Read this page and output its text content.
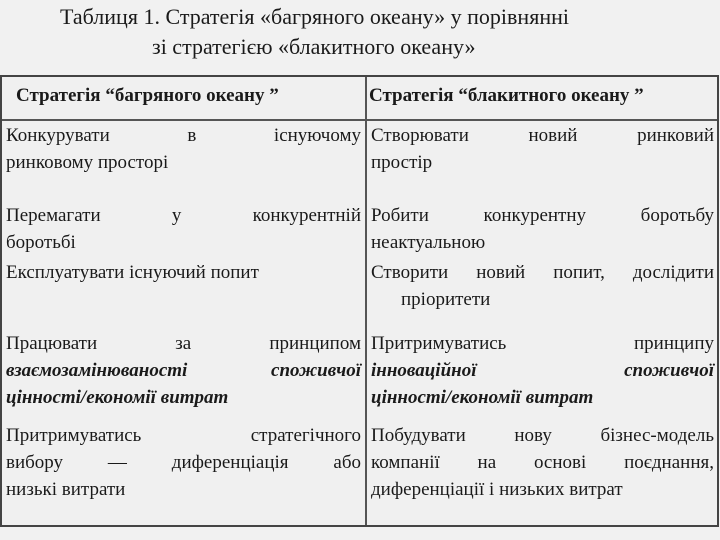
Таблиця 1. Стратегія «багряного океану» у порівнянні
зі стратегією «блакитного океану»
Стратегія “багряного океану ”	Стратегія “блакитного океану ”
Конкурувати в існуючому
ринковому просторі
Створювати новий ринковий
простір
Перемагати у конкурентній
боротьбі
Робити конкурентну боротьбу
неактуальною
Експлуатувати існуючий попит	Створити новий попит, дослідити
пріоритети
Працювати за принципом
взаємозамінюваності споживчої
цінності/економії витрат
Притримуватись принципу
інноваційної споживчої
цінності/економії витрат
Притримуватись стратегічного
вибору — диференціація або
низькі витрати
Побудувати нову бізнес-модель
компанії на основі поєднання,
диференціації і низьких витрат
